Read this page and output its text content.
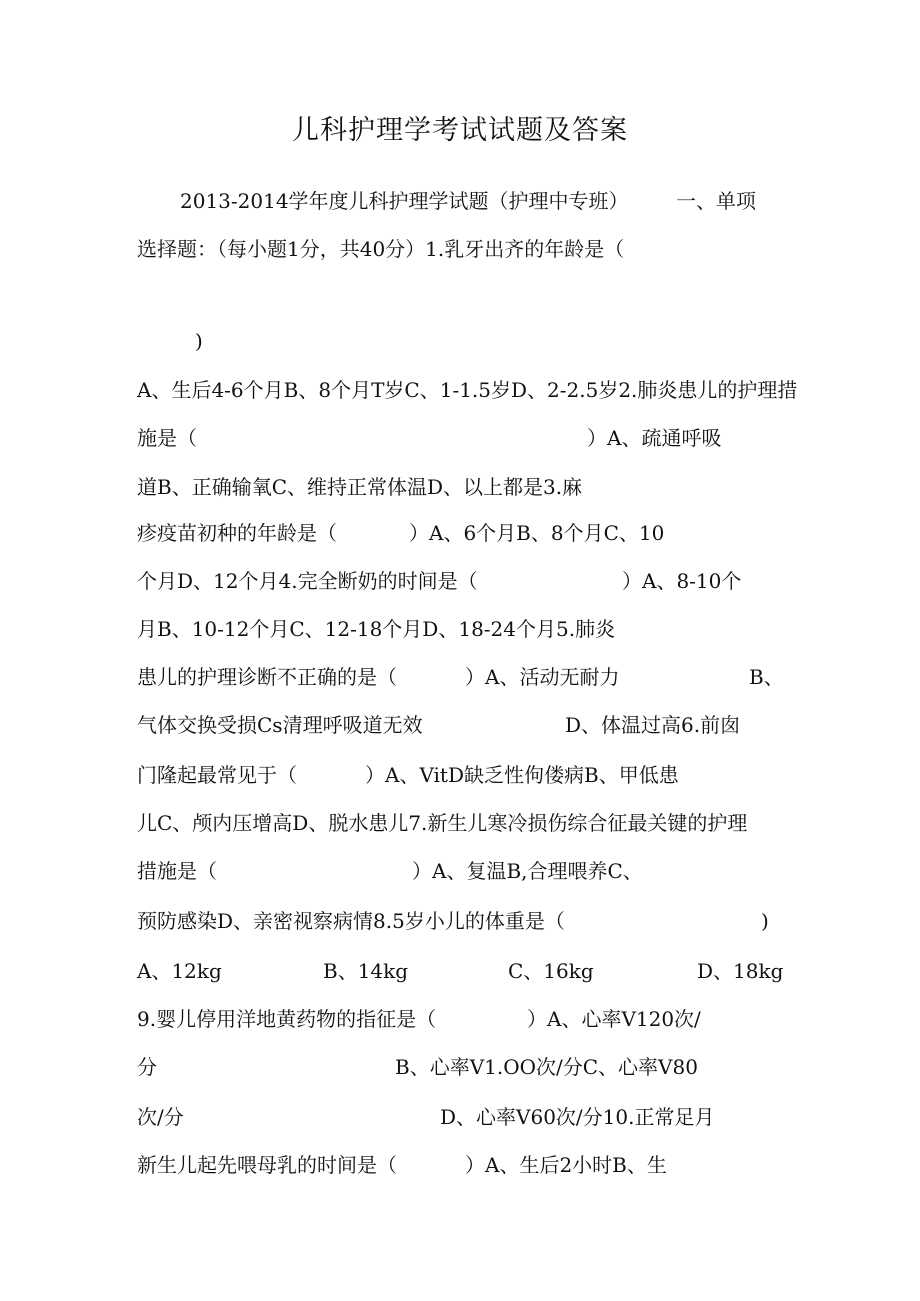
儿科护理学考试试题及答案
2013-2014学年度儿科护理学试题（护理中专班） 一、单项
选择题：（每小题1分，共40分）1.乳牙出齐的年龄是（
)
A、生后4-6个月B、8个月T岁C、1-1.5岁D、2-2.5岁2.肺炎患儿的护理措
施是（	）A、疏通呼吸
道B、正确输氧C、维持正常体温D、以上都是3.麻
疹疫苗初种的年龄是（	）A、6个月B、8个月C、10
个月D、12个月4.完全断奶的时间是（	）A、8-10个
月B、10-12个月C、12-18个月D、18-24个月5.肺炎
患儿的护理诊断不正确的是（	）A、活动无耐力	B、
气体交换受损Cs清理呼吸道无效	D、体温过高6.前囱
门隆起最常见于（	）A、VitD缺乏性佝偻病B、甲低患
儿C、颅内压增高D、脱水患儿7.新生儿寒冷损伤综合征最关键的护理
措施是（	）A、复温B,合理喂养C、
预防感染D、亲密视察病情8.5岁小儿的体重是（	)
A、12kg	B、14kg	C、16kg	D、18kg
9.婴儿停用洋地黄药物的指征是（	）A、心率V120次/
分	B、心率V1.OO次/分C、心率V80
次/分	D、心率V60次/分10.正常足月
新生儿起先喂母乳的时间是（	）A、生后2小时B、生
